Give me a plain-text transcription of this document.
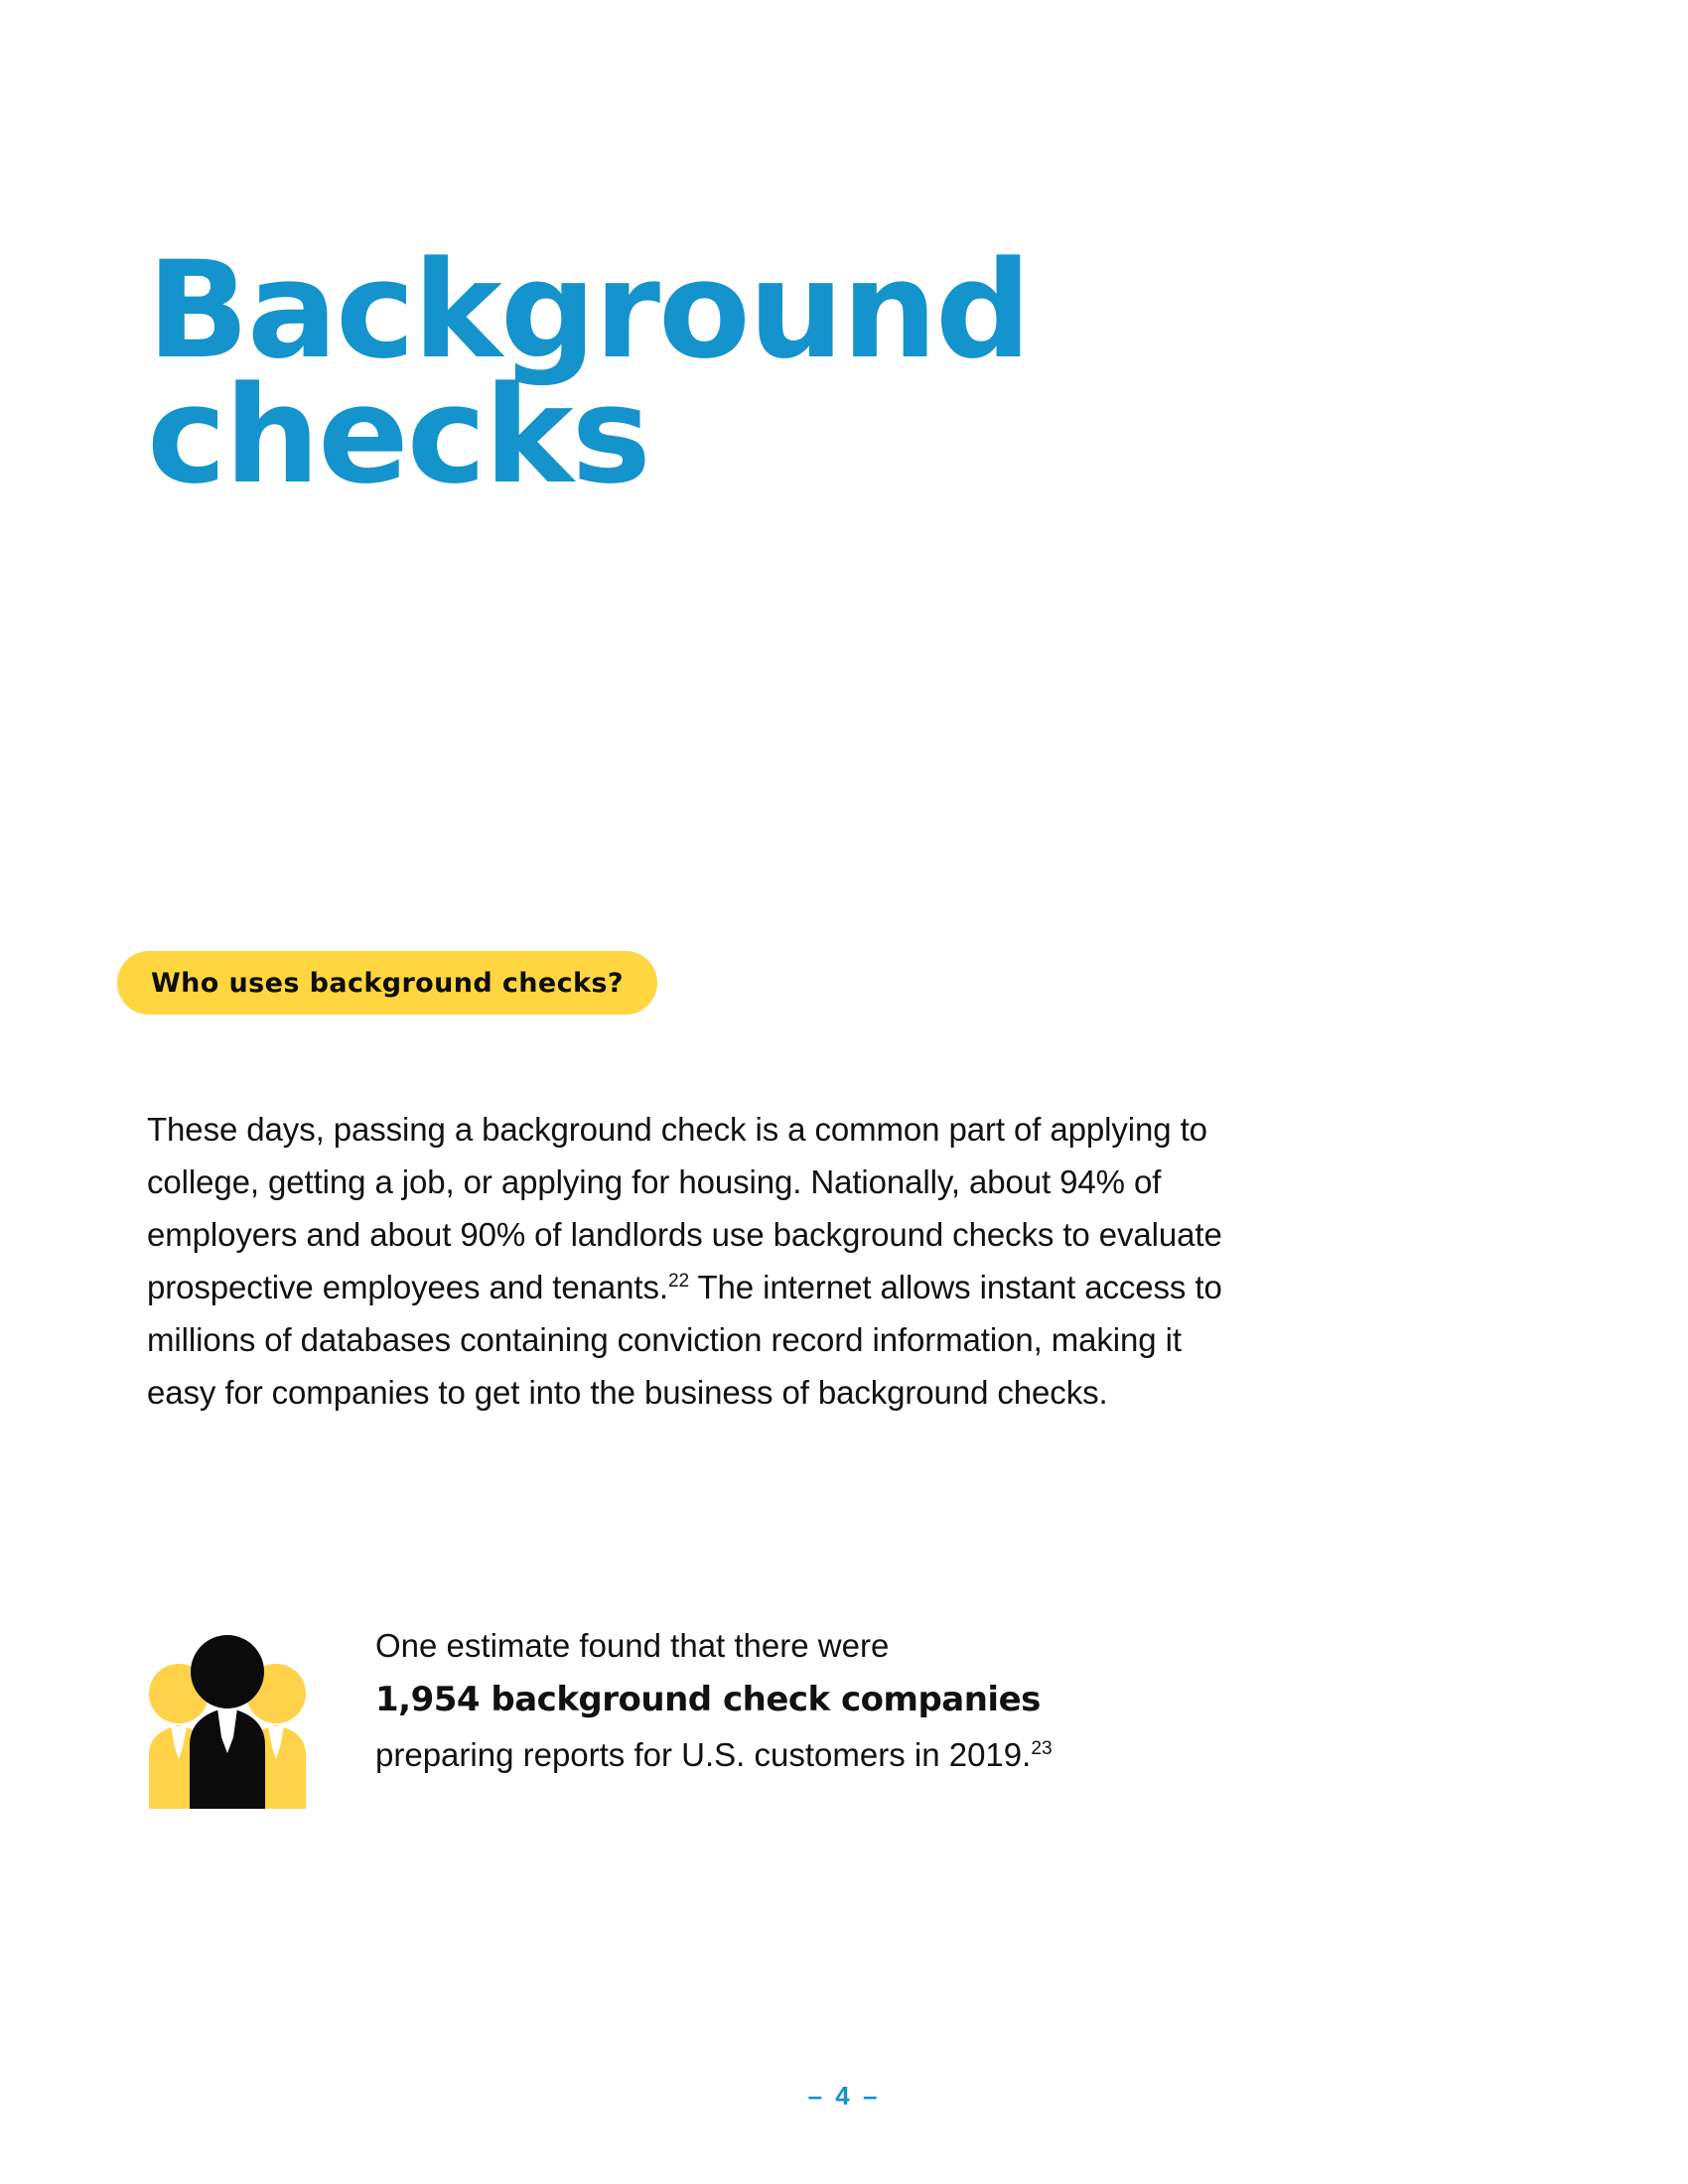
Background
checks
Who uses background checks?

These days, passing a background check is a common part of applying to college, getting a job, or applying for housing. Nationally, about 94% of employers and about 90% of landlords use background checks to evaluate prospective employees and tenants.$^{22}$ The internet allows instant access to millions of databases containing conviction record information, making it easy for companies to get into the business of background checks.

One estimate found that there were
1,954 background check companies
preparing reports for U.S. customers in 2019.23
– 4 –
